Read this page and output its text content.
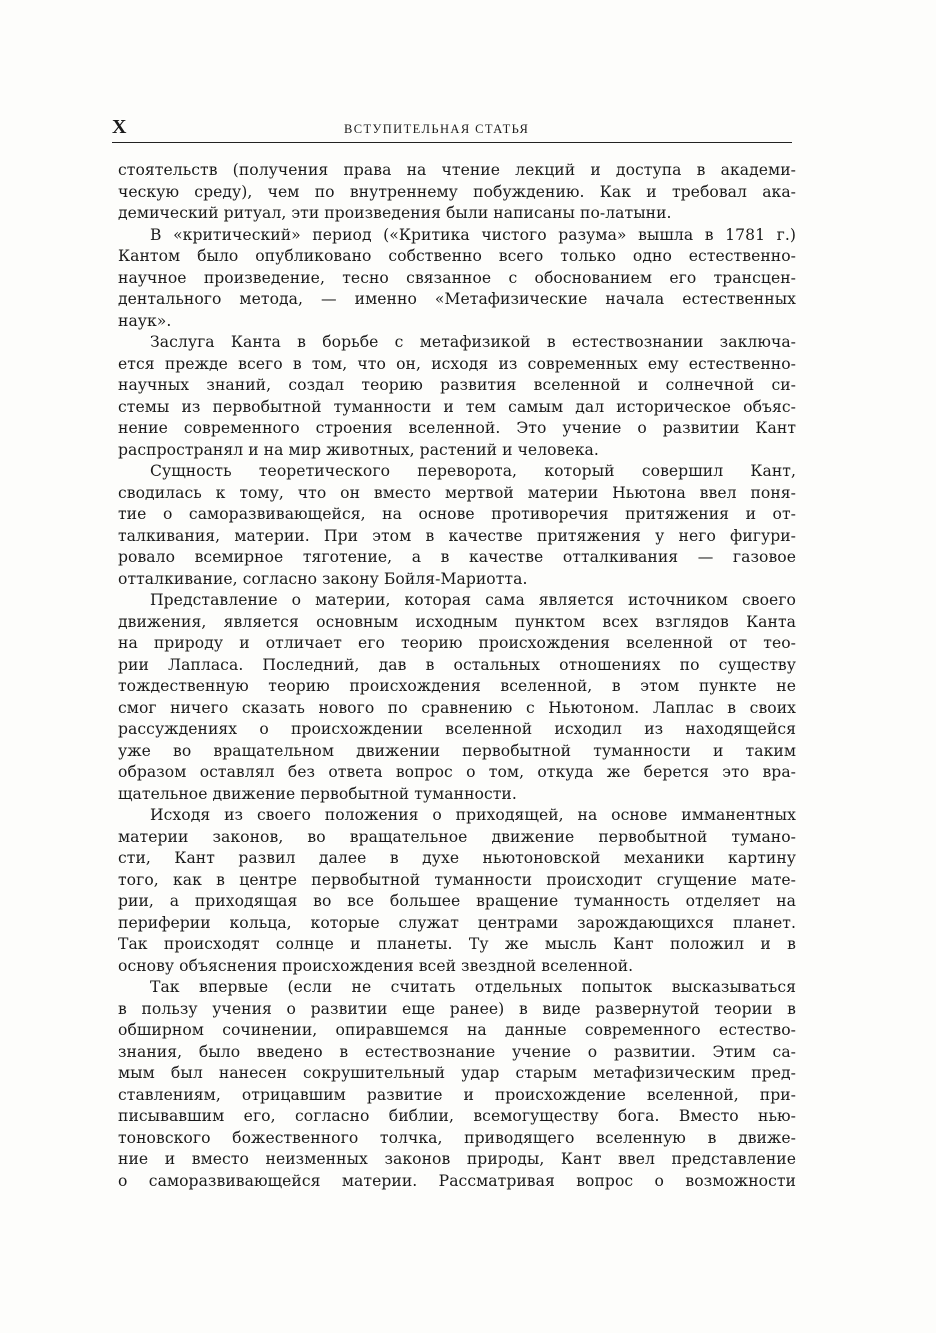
X	ВСТУПИТЕЛЬНАЯ СТАТЬЯ
стоятельств (получения права на чтение лекций и доступа в академи-
ческую среду), чем по внутреннему побуждению. Как и требовал ака-
демический ритуал, эти произведения были написаны по-латыни.
В «критический» период («Критика чистого разума» вышла в 1781 г.)
Кантом было опубликовано собственно всего только одно естественно-
научное произведение, тесно связанное с обоснованием его трансцен-
дентального метода, — именно «Метафизические начала естественных
наук».
Заслуга Канта в борьбе с метафизикой в естествознании заключа-
ется прежде всего в том, что он, исходя из современных ему естественно-
научных знаний, создал теорию развития вселенной и солнечной си-
стемы из первобытной туманности и тем самым дал историческое объяс-
нение современного строения вселенной. Это учение о развитии Кант
распространял и на мир животных, растений и человека.
Сущность теоретического переворота, который совершил Кант,
сводилась к тому, что он вместо мертвой материи Ньютона ввел поня-
тие о саморазвивающейся, на основе противоречия притяжения и от-
талкивания, материи. При этом в качестве притяжения у него фигури-
ровало всемирное тяготение, а в качестве отталкивания — газовое
отталкивание, согласно закону Бойля-Мариотта.
Представление о материи, которая сама является источником своего
движения, является основным исходным пунктом всех взглядов Канта
на природу и отличает его теорию происхождения вселенной от тео-
рии Лапласа. Последний, дав в остальных отношениях по существу
тождественную теорию происхождения вселенной, в этом пункте не
смог ничего сказать нового по сравнению с Ньютоном. Лаплас в своих
рассуждениях о происхождении вселенной исходил из находящейся
уже во вращательном движении первобытной туманности и таким
образом оставлял без ответа вопрос о том, откуда же берется это вра-
щательное движение первобытной туманности.
Исходя из своего положения о приходящей, на основе имманентных
материи законов, во вращательное движение первобытной тумано-
сти, Кант развил далее в духе ньютоновской механики картину
того, как в центре первобытной туманности происходит сгущение мате-
рии, а приходящая во все большее вращение туманность отделяет на
периферии кольца, которые служат центрами зарождающихся планет.
Так происходят солнце и планеты. Ту же мысль Кант положил и в
основу объяснения происхождения всей звездной вселенной.
Так впервые (если не считать отдельных попыток высказываться
в пользу учения о развитии еще ранее) в виде развернутой теории в
обширном сочинении, опиравшемся на данные современного естество-
знания, было введено в естествознание учение о развитии. Этим са-
мым был нанесен сокрушительный удар старым метафизическим пред-
ставлениям, отрицавшим развитие и происхождение вселенной, при-
писывавшим его, согласно библии, всемогуществу бога. Вместо нью-
тоновского божественного толчка, приводящего вселенную в движе-
ние и вместо неизменных законов природы, Кант ввел представление
о саморазвивающейся материи. Рассматривая вопрос о возможности
